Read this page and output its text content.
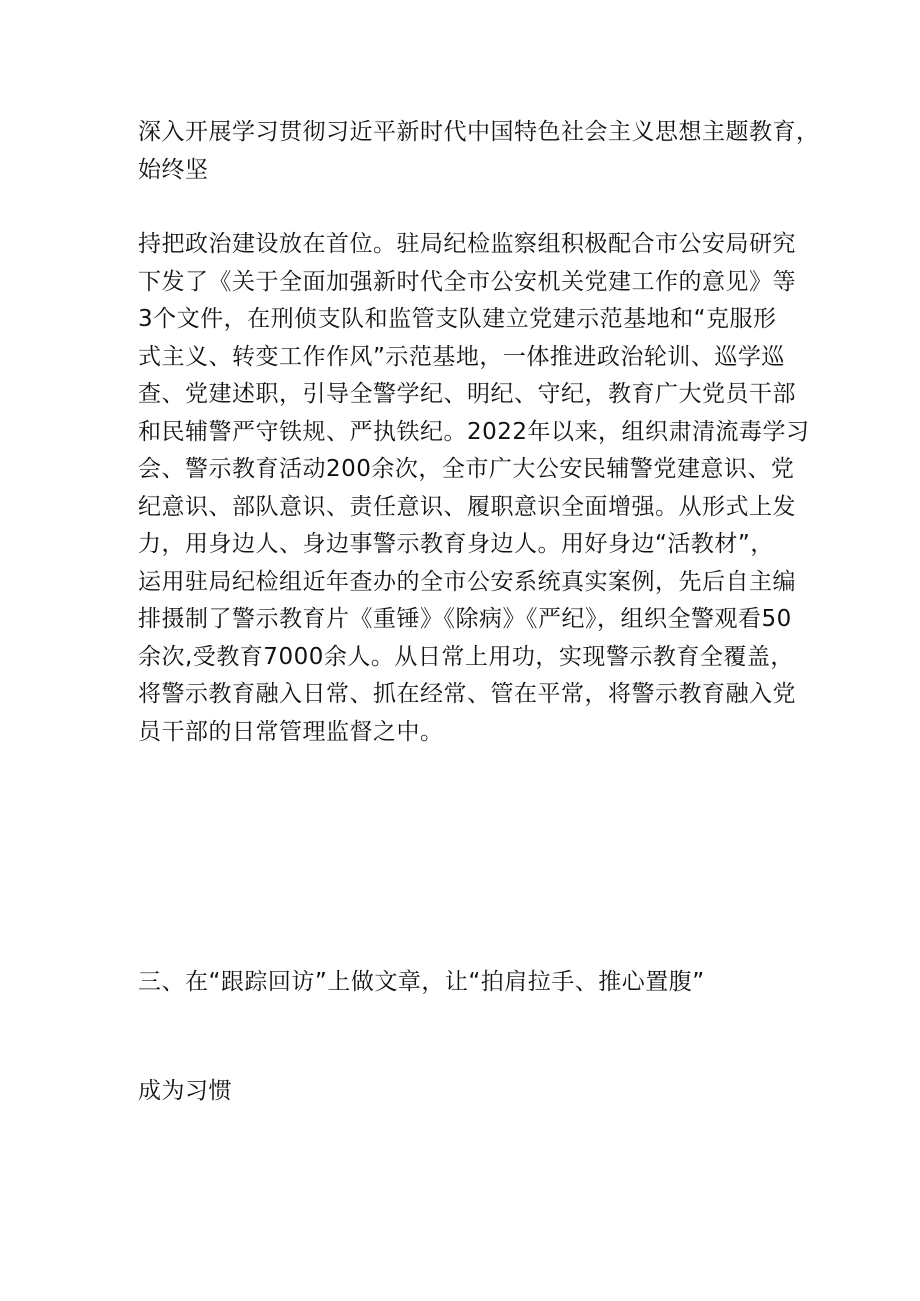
深入开展学习贯彻习近平新时代中国特色社会主义思想主题教育，
始终坚

持把政治建设放在首位。驻局纪检监察组积极配合市公安局研究
下发了《关于全面加强新时代全市公安机关党建工作的意见》等
3个文件，在刑侦支队和监管支队建立党建示范基地和“克服形
式主义、转变工作作风”示范基地，一体推进政治轮训、巡学巡
查、党建述职，引导全警学纪、明纪、守纪，教育广大党员干部
和民辅警严守铁规、严执铁纪。2022年以来，组织肃清流毒学习
会、警示教育活动200余次，全市广大公安民辅警党建意识、党
纪意识、部队意识、责任意识、履职意识全面增强。从形式上发
力，用身边人、身边事警示教育身边人。用好身边“活教材”，
运用驻局纪检组近年查办的全市公安系统真实案例，先后自主编
排摄制了警示教育片《重锤》《除病》《严纪》，组织全警观看50
余次,受教育7000余人。从日常上用功，实现警示教育全覆盖，
将警示教育融入日常、抓在经常、管在平常，将警示教育融入党
员干部的日常管理监督之中。

三、在“跟踪回访”上做文章，让“拍肩拉手、推心置腹”

成为习惯
